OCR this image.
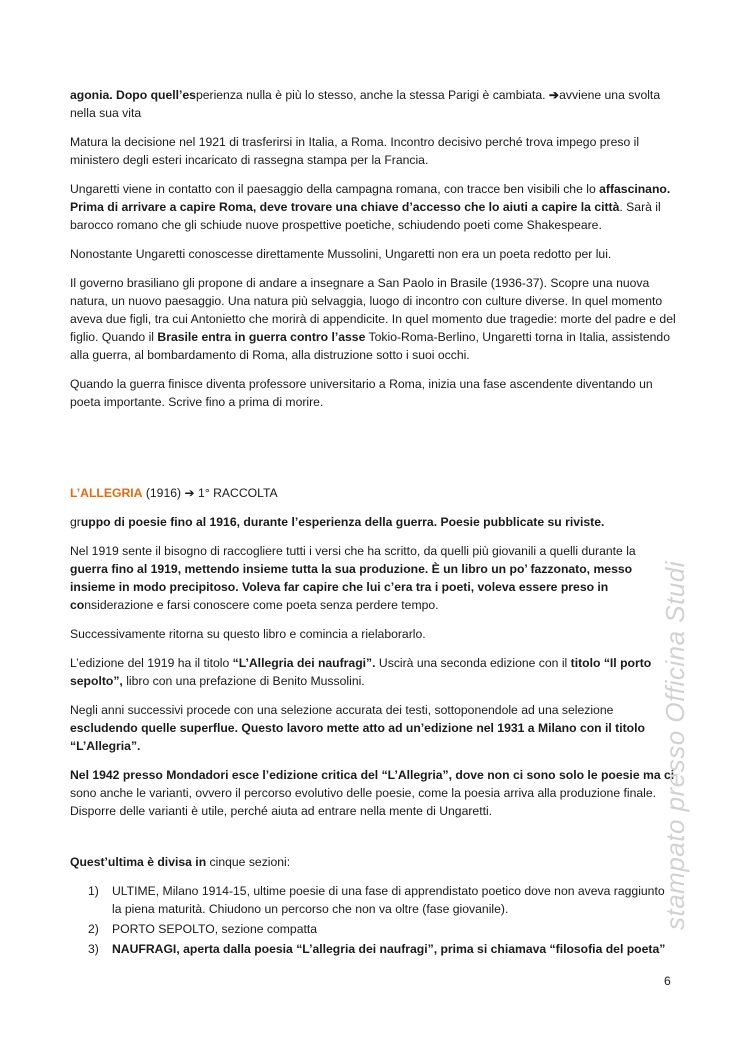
agonia. Dopo quell’esperienza nulla è più lo stesso, anche la stessa Parigi è cambiata. ➔avviene una svolta nella sua vita

Matura la decisione nel 1921 di trasferirsi in Italia, a Roma. Incontro decisivo perché trova impego preso il ministero degli esteri incaricato di rassegna stampa per la Francia.

Ungaretti viene in contatto con il paesaggio della campagna romana, con tracce ben visibili che lo affascinano. Prima di arrivare a capire Roma, deve trovare una chiave d’accesso che lo aiuti a capire la città. Sarà il barocco romano che gli schiude nuove prospettive poetiche, schiudendo poeti come Shakespeare.

Nonostante Ungaretti conoscesse direttamente Mussolini, Ungaretti non era un poeta redotto per lui.

Il governo brasiliano gli propone di andare a insegnare a San Paolo in Brasile (1936-37). Scopre una nuova natura, un nuovo paesaggio. Una natura più selvaggia, luogo di incontro con culture diverse. In quel momento aveva due figli, tra cui Antonietto che morirà di appendicite. In quel momento due tragedie: morte del padre e del figlio. Quando il Brasile entra in guerra contro l’asse Tokio-Roma-Berlino, Ungaretti torna in Italia, assistendo alla guerra, al bombardamento di Roma, alla distruzione sotto i suoi occhi.

Quando la guerra finisce diventa professore universitario a Roma, inizia una fase ascendente diventando un poeta importante. Scrive fino a prima di morire.

L’ALLEGRIA (1916) ➔ 1° RACCOLTA

gruppo di poesie fino al 1916, durante l’esperienza della guerra. Poesie pubblicate su riviste.

Nel 1919 sente il bisogno di raccogliere tutti i versi che ha scritto, da quelli più giovanili a quelli durante la guerra fino al 1919, mettendo insieme tutta la sua produzione. È un libro un po’ fazzonato, messo insieme in modo precipitoso. Voleva far capire che lui c’era tra i poeti, voleva essere preso in considerazione e farsi conoscere come poeta senza perdere tempo.

Successivamente ritorna su questo libro e comincia a rielaborarlo.

L’edizione del 1919 ha il titolo “L’Allegria dei naufragi”. Uscirà una seconda edizione con il titolo “Il porto sepolto”, libro con una prefazione di Benito Mussolini.

Negli anni successivi procede con una selezione accurata dei testi, sottoponendole ad una selezione escludendo quelle superflue. Questo lavoro mette atto ad un’edizione nel 1931 a Milano con il titolo “L’Allegria”.

Nel 1942 presso Mondadori esce l’edizione critica del “L’Allegria”, dove non ci sono solo le poesie ma ci sono anche le varianti, ovvero il percorso evolutivo delle poesie, come la poesia arriva alla produzione finale. Disporre delle varianti è utile, perché aiuta ad entrare nella mente di Ungaretti.

Quest’ultima è divisa in cinque sezioni:

1) ULTIME, Milano 1914-15, ultime poesie di una fase di apprendistato poetico dove non aveva raggiunto la piena maturità. Chiudono un percorso che non va oltre (fase giovanile).
2) PORTO SEPOLTO, sezione compatta
3) NAUFRAGI, aperta dalla poesia “L’allegria dei naufragi”, prima si chiamava “filosofia del poeta”
stampato presso Officina Studi
6
